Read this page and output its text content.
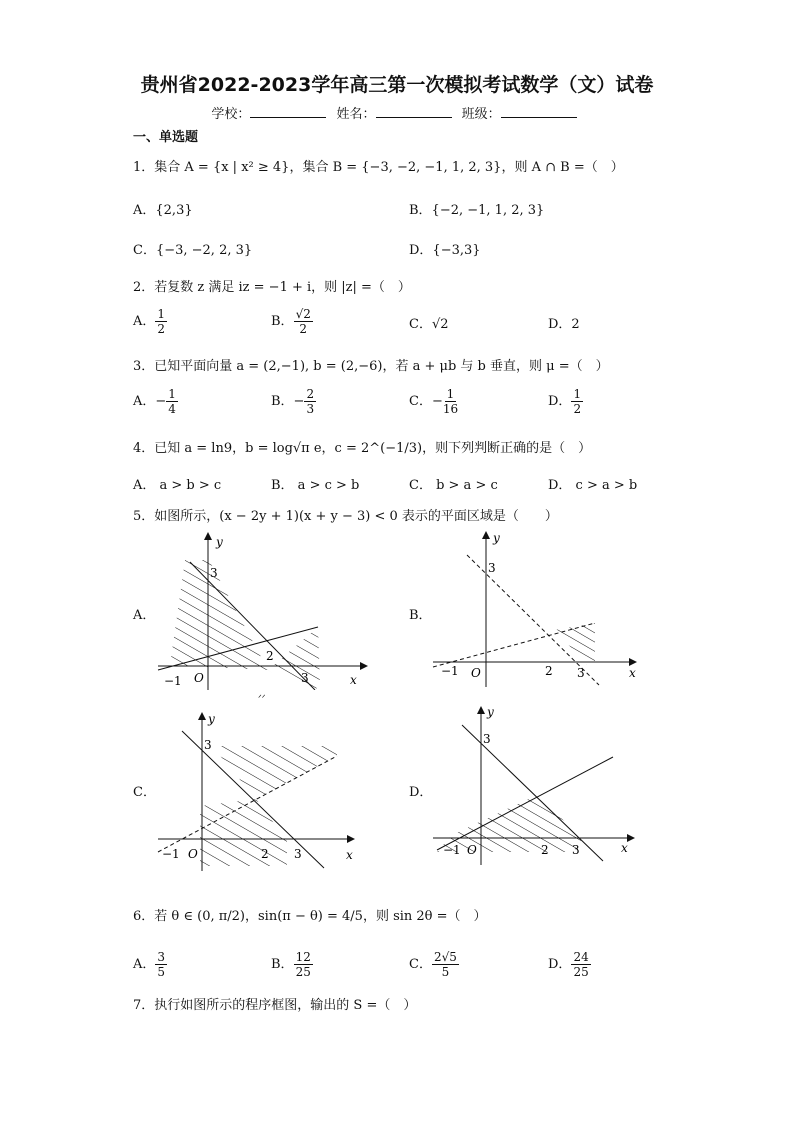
贵州省2022-2023学年高三第一次模拟考试数学（文）试卷
学校：	姓名：	班级：
一、单选题
1．集合 A = {x | x² ≥ 4}，集合 B = {−3, −2, −1, 1, 2, 3}，则 A ∩ B =（　）
A．{2,3}	B．{−2, −1, 1, 2, 3}
C．{−3, −2, 2, 3}	D．{−3,3}
2．若复数 z 满足 iz = −1 + i，则 |z| =（　）
A． $\frac{1}{2}$	B． $\frac{√2}{2}$	C．√2	D．2
3．已知平面向量 a = (2,−1), b = (2,−6)，若 a + μb 与 b 垂直，则 μ =（　）
A．− $\frac{1}{4}$	B．− $\frac{2}{3}$	C．− $\frac{1}{16}$	D． $\frac{1}{2}$
4．已知 a = ln9，b = log√π e，c = 2^(−1/3)，则下列判断正确的是（　）
A． a > b > c	B． a > c > b	C． b > a > c	D． c > a > b
5．如图所示，(x − 2y + 1)(x + y − 3) < 0 表示的平面区域是（　　）
A．	B．
C．	D．
ᐟᐟ
y
x
O
−1
2
3
3
y
x
O
−1	2 3
3
y
x
O
−1	2 3
3
y
x
O
−1	2 3
3
6．若 θ ∈ (0, π/2)，sin(π − θ) = 4/5，则 sin 2θ =（　）
A． $\frac{3}{5}$	B． $\frac{12}{25}$	C． $\frac{2√5}{5}$	D． $\frac{24}{25}$
7．执行如图所示的程序框图，输出的 S =（　）
